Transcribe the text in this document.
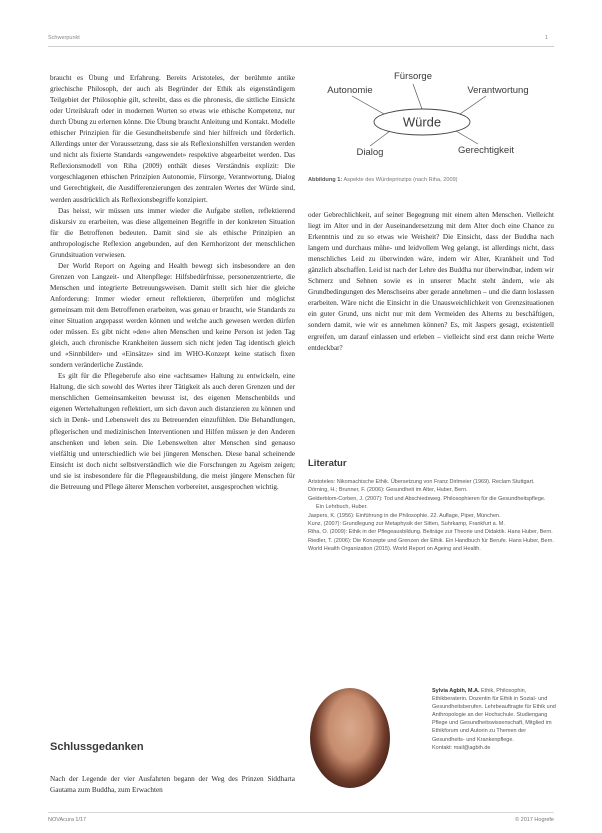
Schwerpunkt	1

braucht es Übung und Erfahrung. Bereits Aristoteles, der berühmte antike griechische Philosoph, der auch als Begründer der Ethik als eigenständigem Teilgebiet der Philosophie gilt, schreibt, dass es die phronesis, die sittliche Einsicht oder Urteilskraft oder in modernen Worten so etwas wie ethische Kompetenz, nur durch Übung zu erlernen könne. Die Übung braucht Anleitung und Kontakt. Modelle ethischer Prinzipien für die Gesundheitsberufe sind hier hilfreich und förderlich. Allerdings unter der Voraussetzung, dass sie als Reflexionshilfen verstanden werden und nicht als fixierte Standards «angewendet» respektive abgearbeitet werden. Das Reflexionsmodell von Riha (2009) enthält dieses Verständnis explizit: Die vorgeschlagenen ethischen Prinzipien Autonomie, Fürsorge, Verantwortung, Dialog und Gerechtigkeit, die Ausdifferenzierungen des zentralen Wertes der Würde sind, werden ausdrücklich als Reflexionsbegriffe konzipiert.

Das heisst, wir müssen uns immer wieder die Aufgabe stellen, reflektierend diskursiv zu erarbeiten, was diese allgemeinen Begriffe in der konkreten Situation für die Betroffenen bedeuten. Damit sind sie als ethische Prinzipien an anthropologische Reflexion angebunden, auf den Kernhorizont der menschlichen Grundsituation verwiesen.

Der World Report on Ageing and Health bewegt sich insbesondere an den Grenzen von Langzeit- und Altenpflege: Hilfsbedürfnisse, personenzentrierte, die Menschen und integrierte Betreuungsweisen. Damit stellt sich hier die gleiche Anforderung: Immer wieder erneut reflektieren, überprüfen und möglichst gemeinsam mit dem Betroffenen erarbeiten, was genau er braucht, wie Standards zu einer Situation angepasst werden können und welche auch gewesen werden dürfen oder müssen. Es gibt nicht »den« alten Menschen und keine Person ist jeden Tag gleich, auch chronische Krankheiten äussern sich nicht jeden Tag identisch gleich und «Sinnbilder» und «Einsätze» sind im WHO-Konzept keine statisch fixen sondern veränderliche Zustände.

Es gilt für die Pflegeberufe also eine «achtsame» Haltung zu entwickeln, eine Haltung, die sich sowohl des Wertes ihrer Tätigkeit als auch deren Grenzen und der menschlichen Gemeinsamkeiten bewusst ist, des eigenen Menschenbilds und eigenen Wertehaltungen reflektiert, um sich davon auch distanzieren zu können und sich in Denk- und Lebenswelt des zu Betreuenden einzufühlen. Die Behandlungen, pflegerischen und medizinischen Interventionen und Hilfen müssen je den Anderen anschenken und leben sein. Die Lebenswelten alter Menschen sind genauso vielfältig und unterschiedlich wie bei jüngeren Menschen. Diese banal scheinende Einsicht ist doch nicht selbstverständlich wie die Forschungen zu Ageism zeigen; und sie ist insbesondere für die Pflegeausbildung, die meist jüngere Menschen für die Betreuung und Pflege älterer Menschen vorbereitet, ausgesprochen wichtig.

Schlussgedanken
Nach der Legende der vier Ausfahrten begann der Weg des Prinzen Siddharta Gautama zum Buddha, zum Erwachten
Würde
Fürsorge
Autonomie	Verantwortung
Dialog	Gerechtigkeit
Abbildung 1: Aspekte des Würdeprinzips (nach Riha, 2009)

oder Gebrechlichkeit, auf seiner Begegnung mit einem alten Menschen. Vielleicht liegt im Alter und in der Auseinandersetzung mit dem Alter doch eine Chance zu Erkenntnis und zu so etwas wie Weisheit? Die Einsicht, dass der Buddha nach langem und durchaus mühe- und leidvollem Weg gelangt, ist allerdings nicht, dass menschliches Leid zu überwinden wäre, indem wir Alter, Krankheit und Tod gänzlich abschaffen. Leid ist nach der Lehre des Buddha nur überwindbar, indem wir Schmerz und Sehnen sowie es in unserer Macht steht ändern, wie als Grundbedingungen des Menschseins aber gerade annehmen – und die dann loslassen erarbeiten. Wäre nicht die Einsicht in die Unausweichlichkeit von Grenzsituationen ein guter Grund, uns nicht nur mit dem Vermeiden des Alterns zu beschäftigen, sondern damit, wie wir es annehmen können? Es, mit Jaspers gesagt, existentiell ergreifen, um darauf einlassen und erleben – vielleicht sind erst dann reiche Werte entdeckbar?

Literatur
Aristoteles: Nikomachische Ethik. Übersetzung von Franz Dirlmeier (1969). Reclam Stuttgart.
Dörning, H.; Brunner, F. (2006): Gesundheit im Alter, Huber, Bern.
Gelderblom-Corben, J. (2007): Tod und Abschiedsweg. Philosophieren für die Gesundheitspflege. Ein Lehrbuch, Huber.
Jaspers, K. (1956): Einführung in die Philosophie. 22. Auflage, Piper, München.
Kunz, (2007): Grundlegung zur Metaphysik der Sitten, Suhrkamp, Frankfurt a. M.
Riha, O. (2009): Ethik in der Pflegeausbildung. Beiträge zur Theorie und Didaktik. Hans Huber, Bern.
Riedler, T. (2006): Die Konzepte und Grenzen der Ethik. Ein Handbuch für Berufe. Hans Huber, Bern.
World Health Organization (2015). World Report on Ageing and Health.
Sylvia Agbih, M.A. Ethik, Philosophin, Ethikberaterin. Dozentin für Ethik in Sozial- und Gesundheitsberufen. Lehrbeauftragte für Ethik und Anthropologie an der Hochschule. Studiengang Pflege und Gesundheitswissenschaft, Mitglied im Ethikforum und Autorin zu Themen der Gesundheits- und Krankenpflege.
Kontakt: mail@agbih.de
NOVAcura 1/17	© 2017 Hogrefe
